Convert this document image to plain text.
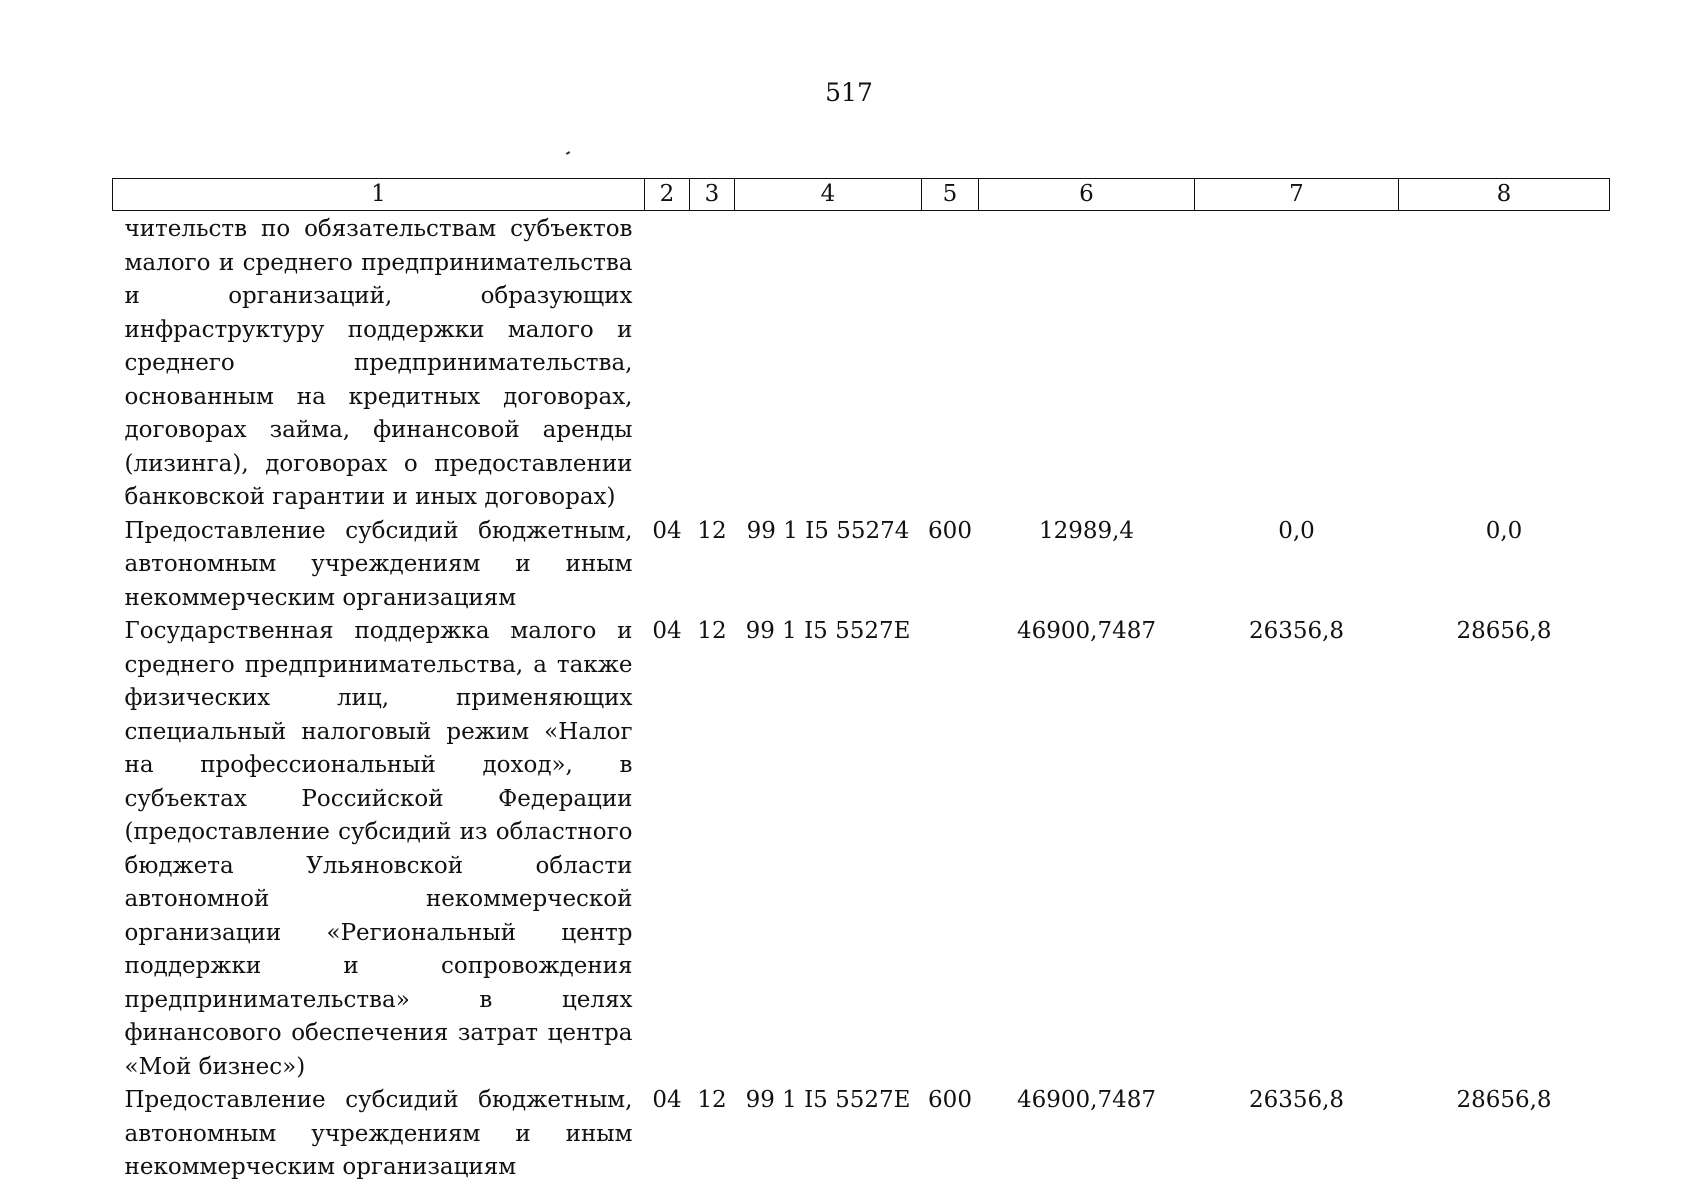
517
1	2	3	4	5	6	7	8
чительств по обязательствам субъектов малого и среднего предпринимательства и организаций, образующих инфраструктуру поддержки малого и среднего предпринимательства, основанным на кредитных договорах, договорах займа, финансовой аренды (лизинга), договорах о предоставлении банковской гарантии и иных договорах)							
Предоставление субсидий бюджетным, автономным учреждениям и иным некоммерческим организациям	04	12	99 1 I5 55274	600	12989,4	0,0	0,0
Государственная поддержка малого и среднего предпринимательства, а также физических лиц, применяющих специальный налоговый режим «Налог на профессиональный доход», в субъектах Российской Федерации (предоставление субсидий из областного бюджета Ульяновской области автономной некоммерческой организации «Региональный центр поддержки и сопровождения предпринимательства» в целях финансового обеспечения затрат центра «Мой бизнес»)	04	12	99 1 I5 5527E		46900,7487	26356,8	28656,8
Предоставление субсидий бюджетным, автономным учреждениям и иным некоммерческим организациям	04	12	99 1 I5 5527E	600	46900,7487	26356,8	28656,8
